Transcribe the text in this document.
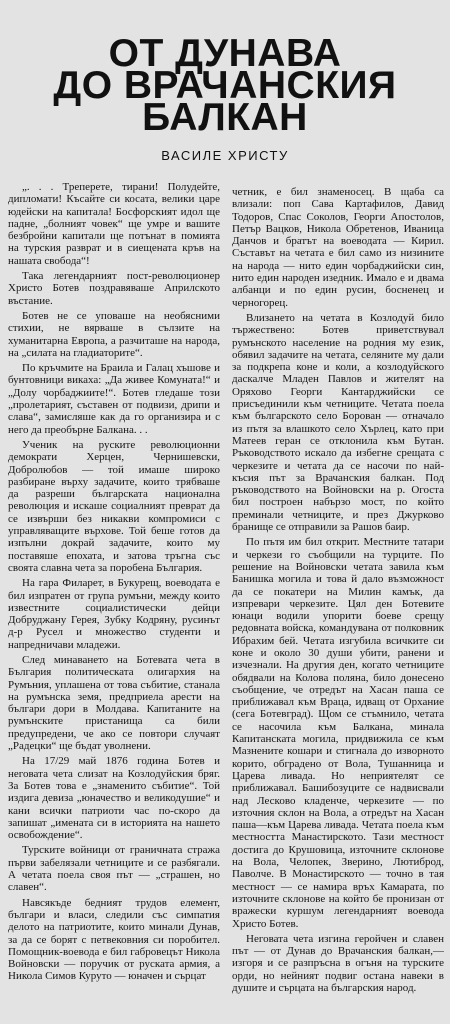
ОТ ДУНАВА
ДО ВРАЧАНСКИЯ
БАЛКАН
ВАСИЛЕ ХРИСТУ

„. . . Треперете, тирани! Полудейте, дипломати! Късайте си косата, велики царе юдейски на капитала! Босфорският идол ще падне, „болният човек“ ще умре и вашите безбройни капитали ще потънат в помията на турския разврат и в сиещената кръв на нашата свобода“!

Така легендарният пост-революционер Христо Ботев поздравяваше Априлското въстание.

Ботев не се уповаше на необясними стихии, не вярваше в сълзите на хуманитарна Европа, а разчиташе на народа, на „силата на гладиаторите“.

По кръчмите на Браила и Галац хъшове и бунтовници викаха: „Да живее Комуната!“ и „Долу чорбаджиите!“. Ботев гледаше този „пролетарият, съставен от подвизи, дрипи и слава“, замисляше как да го организира и с него да преобърне Балкана. . .

Ученик на руските революционни демократи Херцен, Чернишевски, Добролюбов — той имаше широко разбиране върху задачите, които трябваше да разреши българската национална революция и искаше социалният преврат да се извърши без никакви компромиси с управляващите върхове. Той беше готов да изпълни докрай задачите, които му поставяше епохата, и затова тръгна със своята славна чета за поробена България.

На гара Филарет, в Букурещ, воеводата е бил изпратен от група румъни, между които известните социалистически дейци Добруджану Герея, Зубку Кодряну, русинът д-р Русел и множество студенти и напредничави младежи.

След минаването на Ботевата чета в България политическата олигархия на Румъния, уплашена от това събитие, станала на румънска земя, предприела арести на българи дори в Молдава. Капитаните на румънските пристанища са били предупредени, че ако се повтори случаят „Радецки“ ще бъдат уволнени.

На 17/29 май 1876 година Ботев и неговата чета слизат на Козлодуйския бряг. За Ботев това е „знаменито събитие“. Той издига девиза „юначество и великодушие“ и кани всички патриоти час по-скоро да запишат „имената си в историята на нашето освобождение“.

Турските войници от граничната стража първи забелязали четниците и се разбягали. А четата поела своя път — „страшен, но славен“.

Навсякъде бедният трудов елемент, българи и власи, следили със симпатия делото на патриотите, които минали Дунав, за да се борят с петвековния си поробител. Помощник-воевода е бил габровецът Никола Войновски — поручик от руската армия, а Никола Симов Куруто — юначен и сърцат

четник, е бил знаменосец. В щаба са влизали: поп Сава Картафилов, Давид Тодоров, Спас Соколов, Георги Апостолов, Петър Вацков, Никола Обретенов, Иваница Данчов и братът на воеводата — Кирил. Съставът на четата е бил само из низините на народа — нито един чорбаджийски син, нито един народен изедник. Имало е и двама албанци и по един русин, босненец и черногорец.

Влизането на четата в Козлодуй било тържествено: Ботев приветствувал румънското население на родния му език, обявил задачите на четата, селяните му дали за подкрепа коне и коли, а козлодуйского даскалче Младен Павлов и жителят на Оряхово Георги Кантарджийски се присъединили към четниците. Четата поела към българското село Борован — отначало из пътя за влашкото село Хърлец, като при Матеев геран се отклонила към Бутан. Ръководството искало да избегне срещата с черкезите и четата да се насочи по най-късия път за Врачанския балкан. Под ръководството на Войновски на р. Огоста бил построен набързо мост, по който преминали четниците, и през Джурково бранище се отправили за Рашов баир.

По пътя им бил открит. Местните татари и черкези го съобщили на турците. По решение на Войновски четата завила към Банишка могила и това й дало възможност да се покатери на Милин камък, да изпревари черкезите. Цял ден Ботевите юнаци водили упорити боеве срещу редовната войска, командувана от полковник Ибрахим бей. Четата изгубила всичките си коне и около 30 души убити, ранени и изчезнали. На другия ден, когато четниците обядвали на Колова поляна, било донесено съобщение, че отредът на Хасан паша се приближавал към Враца, идващ от Орхание (сега Ботевград). Щом се стъмнило, четата се насочила към Балкана, минала Капитанската могила, придвижила се към Мазнените кошари и стигнала до изворното корито, обградено от Вола, Тушанница и Царева ливада. Но неприятелят се приближавал. Башибозуците се надвисвали над Лесково кладенче, черкезите — по източния склон на Вола, а отредът на Хасан паша—към Царева ливада. Четата поела към местността Манастирското. Тази местност достига до Крушовица, източните склонове на Вола, Челопек, Зверино, Лютиброд, Паволче. В Монастирското — точно в тая местност — се намира връх Камарата, по източните склонове на който бе пронизан от вражески куршум легендарният воевода Христо Ботев.

Неговата чета изгина геройчен и славен път — от Дунав до Врачанския балкан,— изгоря и се разпръсна в огъня на турските орди, но нейният подвиг остана навеки в душите и сърцата на българския народ.
